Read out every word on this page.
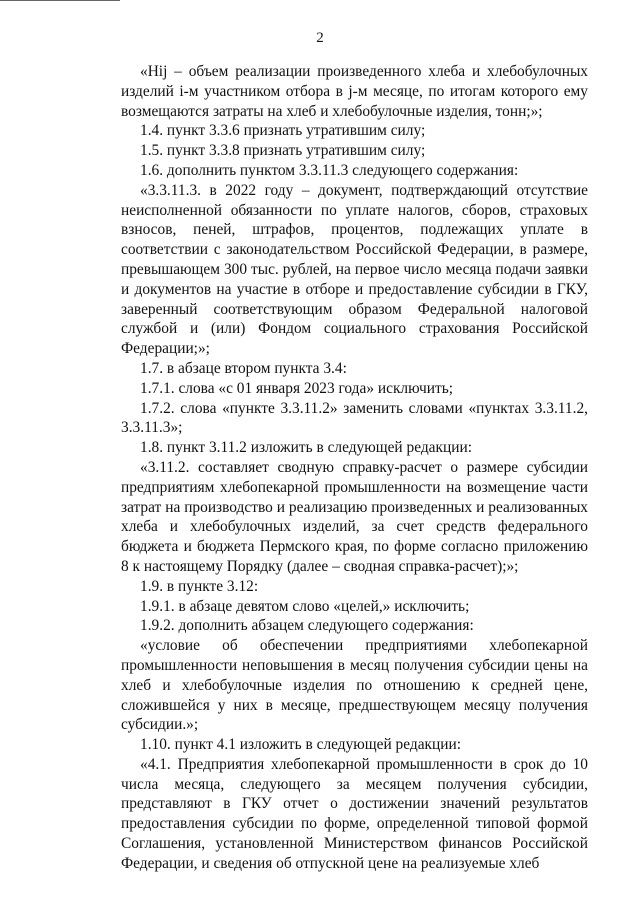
2

«Hij – объем реализации произведенного хлеба и хлебобулочных изделий i-м участником отбора в j-м месяце, по итогам которого ему возмещаются затраты на хлеб и хлебобулочные изделия, тонн;»;

1.4. пункт 3.3.6 признать утратившим силу;

1.5. пункт 3.3.8 признать утратившим силу;

1.6. дополнить пунктом 3.3.11.3 следующего содержания:

«3.3.11.3. в 2022 году – документ, подтверждающий отсутствие неисполненной обязанности по уплате налогов, сборов, страховых взносов, пеней, штрафов, процентов, подлежащих уплате в соответствии с законодательством Российской Федерации, в размере, превышающем 300 тыс. рублей, на первое число месяца подачи заявки и документов на участие в отборе и предоставление субсидии в ГКУ, заверенный соответствующим образом Федеральной налоговой службой и (или) Фондом социального страхования Российской Федерации;»;

1.7. в абзаце втором пункта 3.4:

1.7.1. слова «с 01 января 2023 года» исключить;

1.7.2. слова «пункте 3.3.11.2» заменить словами «пунктах 3.3.11.2, 3.3.11.3»;

1.8. пункт 3.11.2 изложить в следующей редакции:

«3.11.2. составляет сводную справку-расчет о размере субсидии предприятиям хлебопекарной промышленности на возмещение части затрат на производство и реализацию произведенных и реализованных хлеба и хлебобулочных изделий, за счет средств федерального бюджета и бюджета Пермского края, по форме согласно приложению 8 к настоящему Порядку (далее – сводная справка-расчет);»;

1.9. в пункте 3.12:

1.9.1. в абзаце девятом слово «целей,» исключить;

1.9.2. дополнить абзацем следующего содержания:

«условие об обеспечении предприятиями хлебопекарной промышленности неповышения в месяц получения субсидии цены на хлеб и хлебобулочные изделия по отношению к средней цене, сложившейся у них в месяце, предшествующем месяцу получения субсидии.»;

1.10. пункт 4.1 изложить в следующей редакции:

«4.1. Предприятия хлебопекарной промышленности в срок до 10 числа месяца, следующего за месяцем получения субсидии, представляют в ГКУ отчет о достижении значений результатов предоставления субсидии по форме, определенной типовой формой Соглашения, установленной Министерством финансов Российской Федерации, и сведения об отпускной цене на реализуемые хлеб
